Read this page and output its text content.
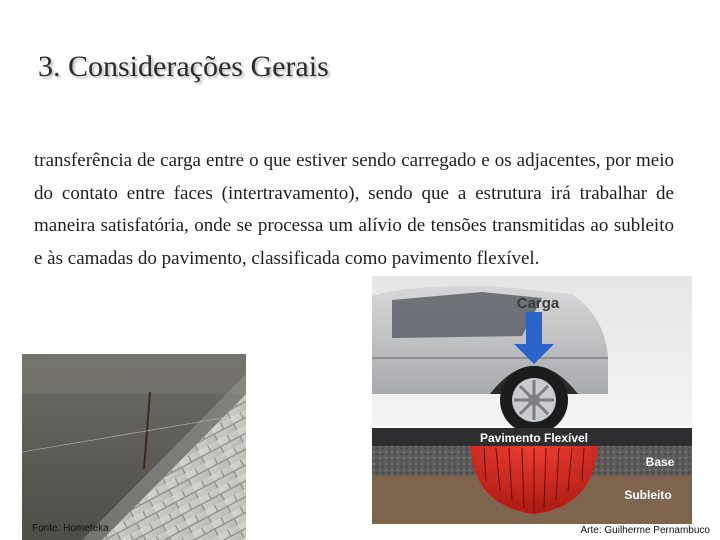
3. Considerações Gerais
transferência de carga entre o que estiver sendo carregado e os adjacentes, por meio do contato entre faces (intertravamento), sendo que a estrutura irá trabalhar de maneira satisfatória, onde se processa um alívio de tensões transmitidas ao subleito e às camadas do pavimento, classificada como pavimento flexível.
Fonte: Hometeka
Carga
Pavimento Flexível
Base
Subleito
Arte: Guilherme Pernambuco
